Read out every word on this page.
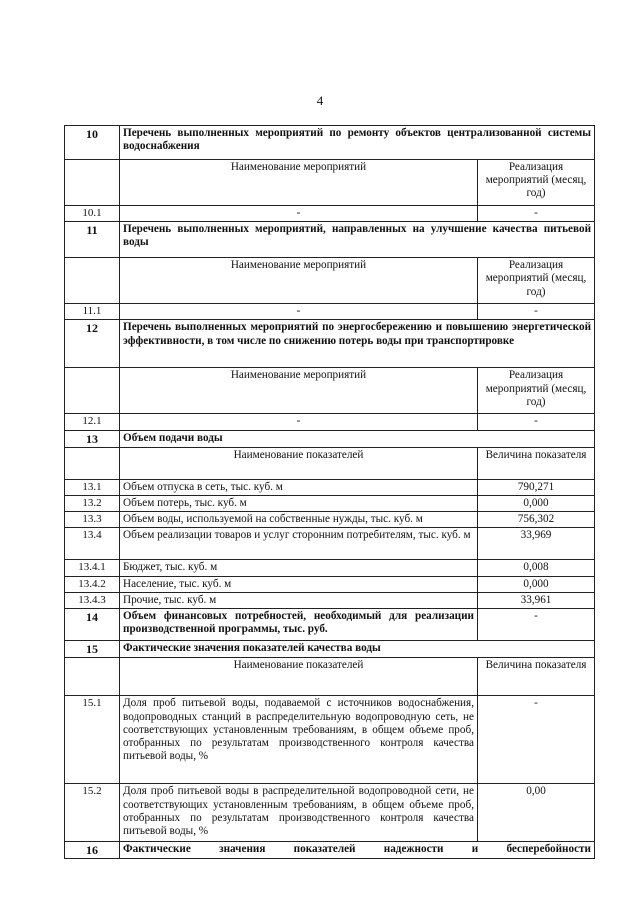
4
10	Перечень выполненных мероприятий по ремонту объектов централизованной системы водоснабжения	
	Наименование мероприятий	Реализация мероприятий (месяц, год)
10.1	-	-
11	Перечень выполненных мероприятий, направленных на улучшение качества питьевой воды	
	Наименование мероприятий	Реализация мероприятий (месяц, год)
11.1	-	-
12	Перечень выполненных мероприятий по энергосбережению и повышению энергетической эффективности, в том числе по снижению потерь воды при транспортировке	
	Наименование мероприятий	Реализация мероприятий (месяц, год)
12.1	-	-
13	Объем подачи воды	
	Наименование показателей	Величина показателя
13.1	Объем отпуска в сеть, тыс. куб. м	790,271
13.2	Объем потерь, тыс. куб. м	0,000
13.3	Объем воды, используемой на собственные нужды, тыс. куб. м	756,302
13.4	Объем реализации товаров и услуг сторонним потребителям, тыс. куб. м	33,969
13.4.1	Бюджет, тыс. куб. м	0,008
13.4.2	Население, тыс. куб. м	0,000
13.4.3	Прочие, тыс. куб. м	33,961
14	Объем финансовых потребностей, необходимый для реализации производственной программы, тыс. руб.	-
15	Фактические значения показателей качества воды	
	Наименование показателей	Величина показателя
15.1	Доля проб питьевой воды, подаваемой с источников водоснабжения, водопроводных станций в распределительную водопроводную сеть, не соответствующих установленным требованиям, в общем объеме проб, отобранных по результатам производственного контроля качества питьевой воды, %	-
15.2	Доля проб питьевой воды в распределительной водопроводной сети, не соответствующих установленным требованиям, в общем объеме проб, отобранных по результатам производственного контроля качества питьевой воды, %	0,00
16	Фактические значения показателей надежности и бесперебойности	
